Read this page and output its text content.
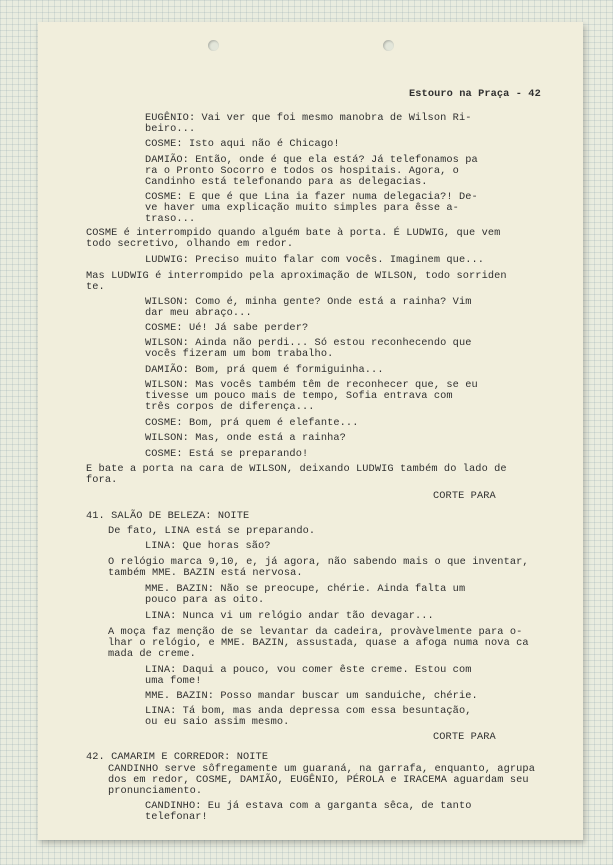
Estouro na Praça - 42
EUGÊNIO: Vai ver que foi mesmo manobra de Wilson Ri-
beiro...
COSME: Isto aqui não é Chicago!
DAMIÃO: Então, onde é que ela está? Já telefonamos pa
ra o Pronto Socorro e todos os hospitais. Agora, o
Candinho está telefonando para as delegacias.
COSME: E que é que Lina ia fazer numa delegacia?! De-
ve haver uma explicação muito simples para êsse a-
traso...
COSME é interrompido quando alguém bate à porta. É LUDWIG, que vem
todo secretivo, olhando em redor.
LUDWIG: Preciso muito falar com vocês. Imaginem que...
Mas LUDWIG é interrompido pela aproximação de WILSON, todo sorriden
te.
WILSON: Como é, minha gente? Onde está a rainha? Vim
dar meu abraço...
COSME: Ué! Já sabe perder?
WILSON: Ainda não perdi... Só estou reconhecendo que
vocês fizeram um bom trabalho.
DAMIÃO: Bom, prá quem é formiguinha...
WILSON: Mas vocês também têm de reconhecer que, se eu
tivesse um pouco mais de tempo, Sofia entrava com
três corpos de diferença...
COSME: Bom, prá quem é elefante...
WILSON: Mas, onde está a rainha?
COSME: Está se preparando!
E bate a porta na cara de WILSON, deixando LUDWIG também do lado de
fora.
CORTE PARA
41. SALÃO DE BELEZA: NOITE
De fato, LINA está se preparando.
LINA: Que horas são?
O relógio marca 9,10, e, já agora, não sabendo mais o que inventar,
também MME. BAZIN está nervosa.
MME. BAZIN: Não se preocupe, chérie. Ainda falta um
pouco para as oito.
LINA: Nunca vi um relógio andar tão devagar...
A moça faz menção de se levantar da cadeira, provàvelmente para o-
lhar o relógio, e MME. BAZIN, assustada, quase a afoga numa nova ca
mada de creme.
LINA: Daqui a pouco, vou comer êste creme. Estou com
uma fome!
MME. BAZIN: Posso mandar buscar um sanduiche, chérie.
LINA: Tá bom, mas anda depressa com essa besuntação,
ou eu saio assim mesmo.
CORTE PARA
42. CAMARIM E CORREDOR: NOITE
CANDINHO serve sôfregamente um guaraná, na garrafa, enquanto, agrupa
dos em redor, COSME, DAMIÃO, EUGÊNIO, PÉROLA e IRACEMA aguardam seu
pronunciamento.
CANDINHO: Eu já estava com a garganta sêca, de tanto
telefonar!
